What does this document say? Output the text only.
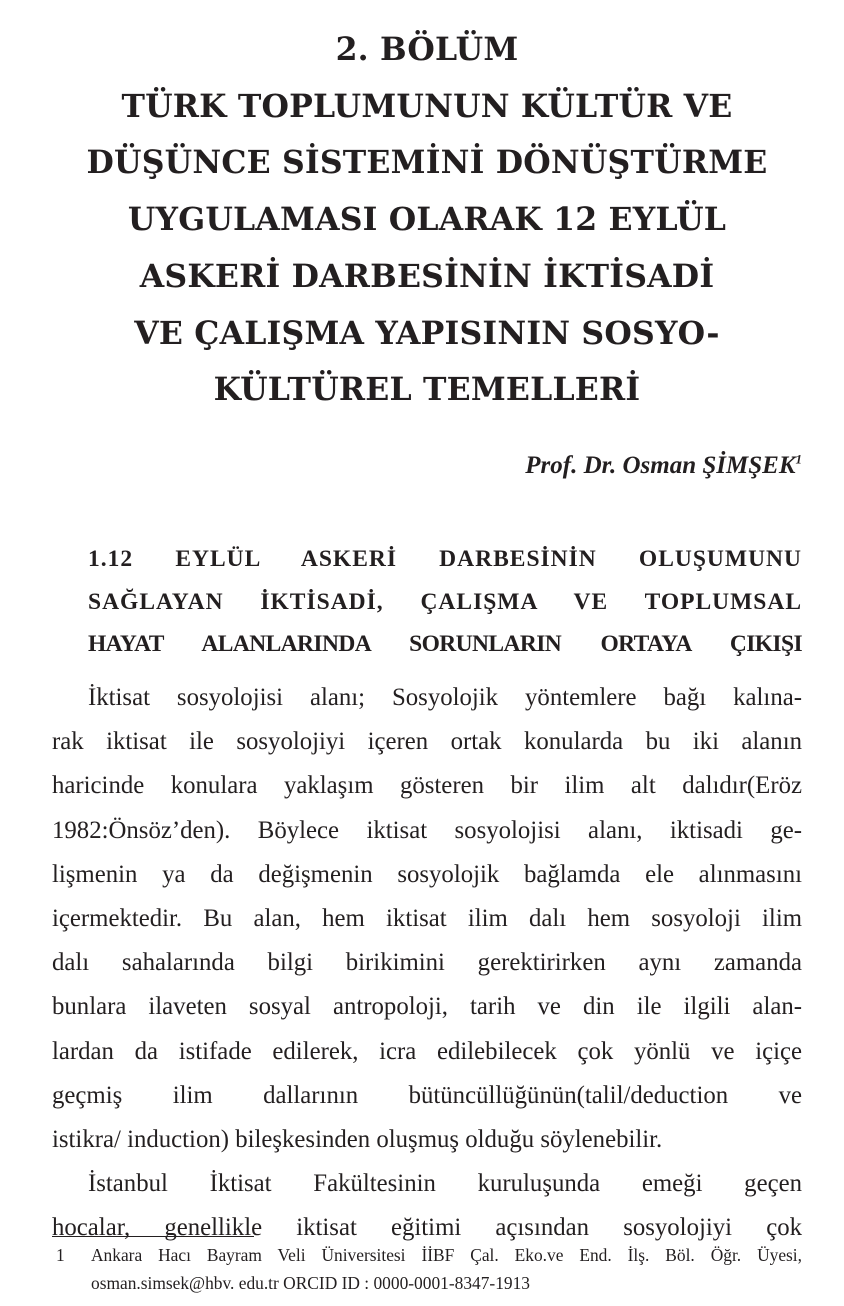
2. BÖLÜM
TÜRK TOPLUMUNUN KÜLTÜR VE
DÜŞÜNCE SİSTEMİNİ DÖNÜŞTÜRME
UYGULAMASI OLARAK 12 EYLÜL
ASKERİ DARBESİNİN İKTİSADİ
VE ÇALIŞMA YAPISININ SOSYO-
KÜLTÜREL TEMELLERİ
Prof. Dr. Osman ŞİMŞEK$^1$
1.12 EYLÜL ASKERİ DARBESİNİN OLUŞUMUNU
SAĞLAYAN İKTİSADİ, ÇALIŞMA VE TOPLUMSAL
HAYAT ALANLARINDA SORUNLARIN ORTAYA ÇIKIŞI

İktisat sosyolojisi alanı; Sosyolojik yöntemlere bağı kalına-
rak iktisat ile sosyolojiyi içeren ortak konularda bu iki alanın
haricinde konulara yaklaşım gösteren bir ilim alt dalıdır(Eröz
1982:Önsöz’den). Böylece iktisat sosyolojisi alanı, iktisadi ge-
lişmenin ya da değişmenin sosyolojik bağlamda ele alınmasını
içermektedir. Bu alan, hem iktisat ilim dalı hem sosyoloji ilim
dalı sahalarında bilgi birikimini gerektirirken aynı zamanda
bunlara ilaveten sosyal antropoloji, tarih ve din ile ilgili alan-
lardan da istifade edilerek, icra edilebilecek çok yönlü ve içiçe
geçmiş ilim dallarının bütüncüllüğünün(talil/deduction ve
istikra/ induction) bileşkesinden oluşmuş olduğu söylenebilir.

İstanbul İktisat Fakültesinin kuruluşunda emeği geçen
hocalar, genellikle iktisat eğitimi açısından sosyolojiyi çok

1 Ankara Hacı Bayram Veli Üniversitesi İİBF Çal. Eko.ve End. İlş. Böl. Öğr. Üyesi,
osman.simsek@hbv. edu.tr ORCID ID : 0000-0001-8347-1913
